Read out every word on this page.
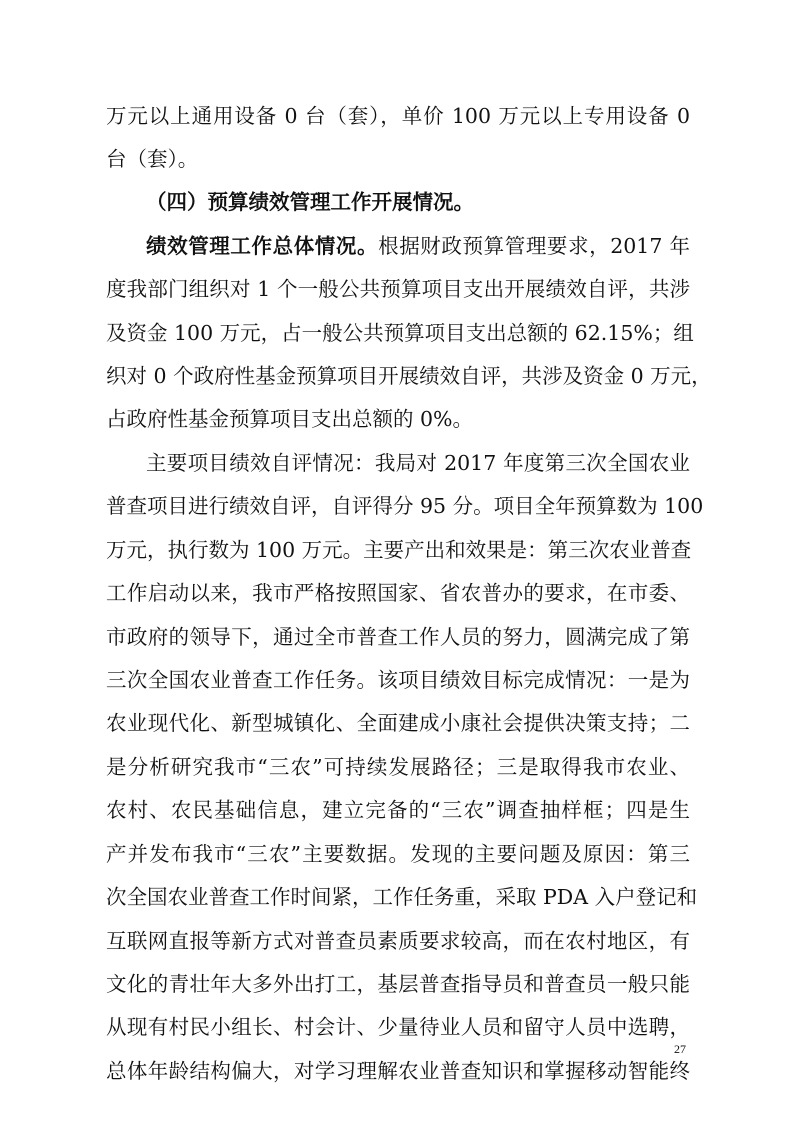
万元以上通用设备 0 台（套），单价 100 万元以上专用设备 0
台（套）。
（四）预算绩效管理工作开展情况。
绩效管理工作总体情况。根据财政预算管理要求，2017 年
度我部门组织对 1 个一般公共预算项目支出开展绩效自评，共涉
及资金 100 万元，占一般公共预算项目支出总额的 62.15%；组
织对 0 个政府性基金预算项目开展绩效自评，共涉及资金 0 万元，
占政府性基金预算项目支出总额的 0%。
主要项目绩效自评情况：我局对 2017 年度第三次全国农业
普查项目进行绩效自评，自评得分 95 分。项目全年预算数为 100
万元，执行数为 100 万元。主要产出和效果是：第三次农业普查
工作启动以来，我市严格按照国家、省农普办的要求，在市委、
市政府的领导下，通过全市普查工作人员的努力，圆满完成了第
三次全国农业普查工作任务。该项目绩效目标完成情况：一是为
农业现代化、新型城镇化、全面建成小康社会提供决策支持；二
是分析研究我市“三农”可持续发展路径；三是取得我市农业、
农村、农民基础信息，建立完备的“三农”调查抽样框；四是生
产并发布我市“三农”主要数据。发现的主要问题及原因：第三
次全国农业普查工作时间紧，工作任务重，采取 PDA 入户登记和
互联网直报等新方式对普查员素质要求较高，而在农村地区，有
文化的青壮年大多外出打工，基层普查指导员和普查员一般只能
从现有村民小组长、村会计、少量待业人员和留守人员中选聘，
总体年龄结构偏大，对学习理解农业普查知识和掌握移动智能终
27
